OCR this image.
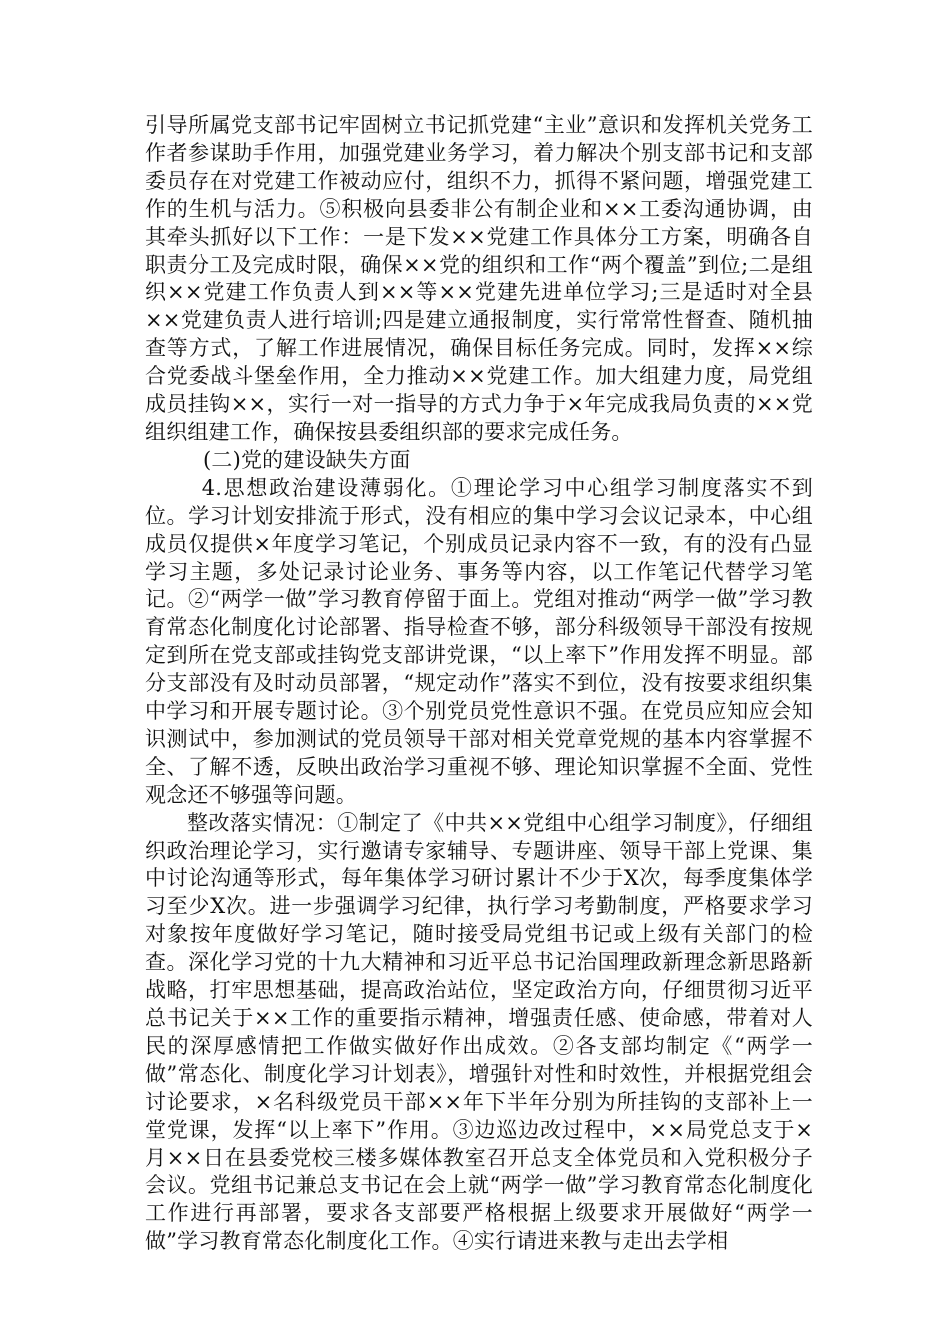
引导所属党支部书记牢固树立书记抓党建“主业”意识和发挥机关党务工作者参谋助手作用，加强党建业务学习，着力解决个别支部书记和支部委员存在对党建工作被动应付，组织不力，抓得不紧问题，增强党建工作的生机与活力。⑤积极向县委非公有制企业和××工委沟通协调，由其牵头抓好以下工作：一是下发××党建工作具体分工方案，明确各自职责分工及完成时限，确保××党的组织和工作“两个覆盖”到位;二是组织××党建工作负责人到××等××党建先进单位学习;三是适时对全县××党建负责人进行培训;四是建立通报制度，实行常常性督查、随机抽查等方式，了解工作进展情况，确保目标任务完成。同时，发挥××综合党委战斗堡垒作用，全力推动××党建工作。加大组建力度，局党组成员挂钩××，实行一对一指导的方式力争于×年完成我局负责的××党组织组建工作，确保按县委组织部的要求完成任务。

(二)党的建设缺失方面

4.思想政治建设薄弱化。①理论学习中心组学习制度落实不到位。学习计划安排流于形式，没有相应的集中学习会议记录本，中心组成员仅提供×年度学习笔记，个别成员记录内容不一致，有的没有凸显学习主题，多处记录讨论业务、事务等内容，以工作笔记代替学习笔记。②“两学一做”学习教育停留于面上。党组对推动“两学一做”学习教育常态化制度化讨论部署、指导检查不够，部分科级领导干部没有按规定到所在党支部或挂钩党支部讲党课，“以上率下”作用发挥不明显。部分支部没有及时动员部署，“规定动作”落实不到位，没有按要求组织集中学习和开展专题讨论。③个别党员党性意识不强。在党员应知应会知识测试中，参加测试的党员领导干部对相关党章党规的基本内容掌握不全、了解不透，反映出政治学习重视不够、理论知识掌握不全面、党性观念还不够强等问题。

整改落实情况：①制定了《中共××党组中心组学习制度》，仔细组织政治理论学习，实行邀请专家辅导、专题讲座、领导干部上党课、集中讨论沟通等形式，每年集体学习研讨累计不少于X次，每季度集体学习至少X次。进一步强调学习纪律，执行学习考勤制度，严格要求学习对象按年度做好学习笔记，随时接受局党组书记或上级有关部门的检查。深化学习党的十九大精神和习近平总书记治国理政新理念新思路新战略，打牢思想基础，提高政治站位，坚定政治方向，仔细贯彻习近平总书记关于××工作的重要指示精神，增强责任感、使命感，带着对人民的深厚感情把工作做实做好作出成效。②各支部均制定《“两学一做”常态化、制度化学习计划表》，增强针对性和时效性，并根据党组会讨论要求，×名科级党员干部××年下半年分别为所挂钩的支部补上一堂党课，发挥“以上率下”作用。③边巡边改过程中，××局党总支于×月××日在县委党校三楼多媒体教室召开总支全体党员和入党积极分子会议。党组书记兼总支书记在会上就“两学一做”学习教育常态化制度化工作进行再部署，要求各支部要严格根据上级要求开展做好“两学一做”学习教育常态化制度化工作。④实行请进来教与走出去学相
